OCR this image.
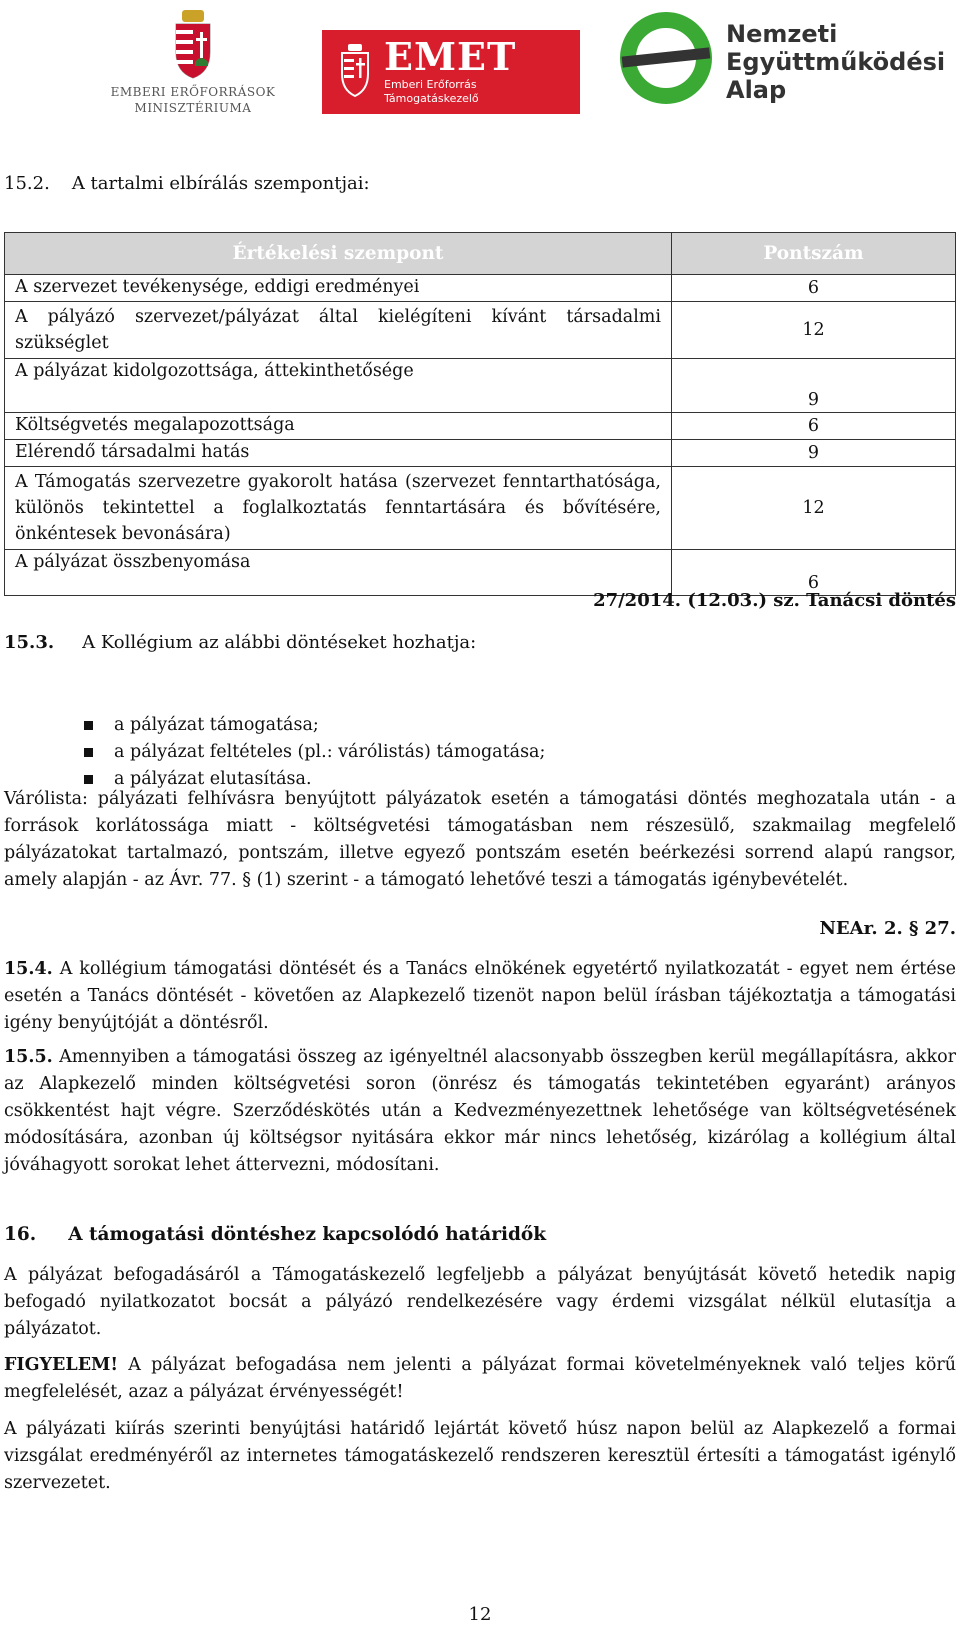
EMBERI ERŐFORRÁSOK
MINISZTÉRIUMA
EMET
Emberi Erőforrás
Támogatáskezelő
Nemzeti
Együttműködési
Alap
15.2. A tartalmi elbírálás szempontjai:
Értékelési szempont	Pontszám
A szervezet tevékenysége, eddigi eredményei	6
A pályázó szervezet/pályázat által kielégíteni kívánt társadalmi szükséglet	12
A pályázat kidolgozottsága, áttekinthetősége	9
Költségvetés megalapozottsága	6
Elérendő társadalmi hatás	9
A Támogatás szervezetre gyakorolt hatása (szervezet fenntarthatósága, különös tekintettel a foglalkoztatás fenntartására és bővítésére, önkéntesek bevonására)	12
A pályázat összbenyomása	6
27/2014. (12.03.) sz. Tanácsi döntés
15.3. A Kollégium az alábbi döntéseket hozhatja:
a pályázat támogatása;
a pályázat feltételes (pl.: várólistás) támogatása;
a pályázat elutasítása.
Várólista: pályázati felhívásra benyújtott pályázatok esetén a támogatási döntés meghozatala után - a források korlátossága miatt - költségvetési támogatásban nem részesülő, szakmailag megfelelő pályázatokat tartalmazó, pontszám, illetve egyező pontszám esetén beérkezési sorrend alapú rangsor, amely alapján - az Ávr. 77. § (1) szerint - a támogató lehetővé teszi a támogatás igénybevételét.
NEAr. 2. § 27.
15.4. A kollégium támogatási döntését és a Tanács elnökének egyetértő nyilatkozatát - egyet nem értése esetén a Tanács döntését - követően az Alapkezelő tizenöt napon belül írásban tájékoztatja a támogatási igény benyújtóját a döntésről.
15.5. Amennyiben a támogatási összeg az igényeltnél alacsonyabb összegben kerül megállapításra, akkor az Alapkezelő minden költségvetési soron (önrész és támogatás tekintetében egyaránt) arányos csökkentést hajt végre. Szerződéskötés után a Kedvezményezettnek lehetősége van költségvetésének módosítására, azonban új költségsor nyitására ekkor már nincs lehetőség, kizárólag a kollégium által jóváhagyott sorokat lehet áttervezni, módosítani.
16. A támogatási döntéshez kapcsolódó határidők
A pályázat befogadásáról a Támogatáskezelő legfeljebb a pályázat benyújtását követő hetedik napig befogadó nyilatkozatot bocsát a pályázó rendelkezésére vagy érdemi vizsgálat nélkül elutasítja a pályázatot.
FIGYELEM! A pályázat befogadása nem jelenti a pályázat formai követelményeknek való teljes körű megfelelését, azaz a pályázat érvényességét!
A pályázati kiírás szerinti benyújtási határidő lejártát követő húsz napon belül az Alapkezelő a formai vizsgálat eredményéről az internetes támogatáskezelő rendszeren keresztül értesíti a támogatást igénylő szervezetet.
12
